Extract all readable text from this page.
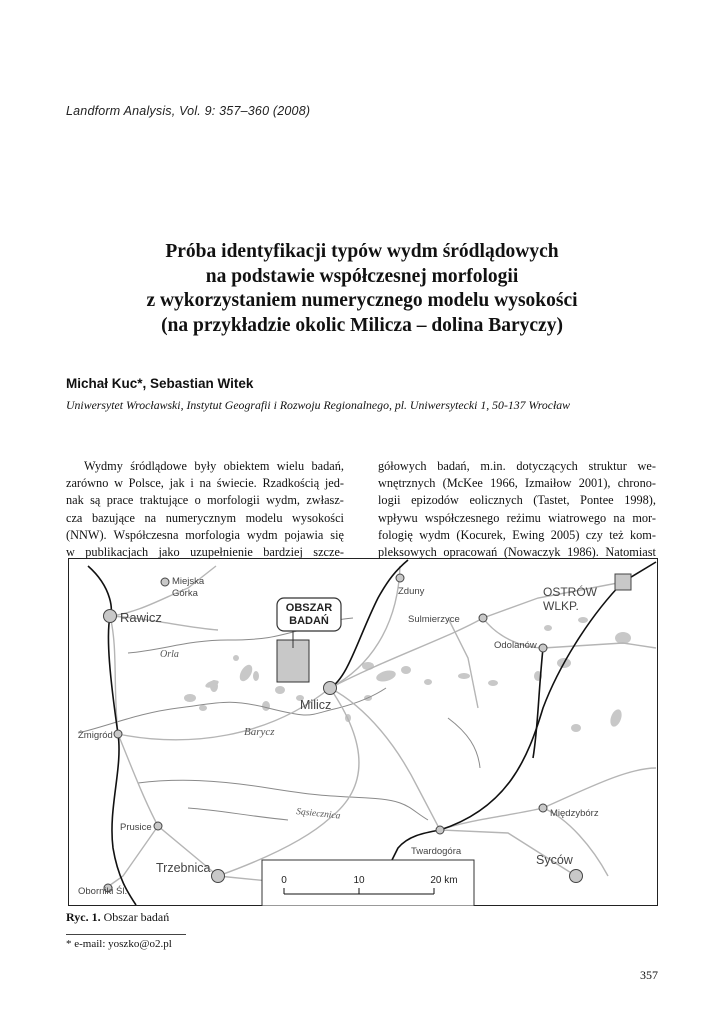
Landform Analysis, Vol. 9: 357–360 (2008)
Próba identyfikacji typów wydm śródlądowych
na podstawie współczesnej morfologii
z wykorzystaniem numerycznego modelu wysokości
(na przykładzie okolic Milicza – dolina Baryczy)
Michał Kuc*, Sebastian Witek
Uniwersytet Wrocławski, Instytut Geografii i Rozwoju Regionalnego, pl. Uniwersytecki 1, 50-137 Wrocław
Wydmy śródlądowe były obiektem wielu badań,
zarówno w Polsce, jak i na świecie. Rzadkością jed-
nak są prace traktujące o morfologii wydm, zwłasz-
cza bazujące na numerycznym modelu wysokości
(NNW). Współczesna morfologia wydm pojawia się
w publikacjach jako uzupełnienie bardziej szcze-
gółowych badań, m.in. dotyczących struktur we-
wnętrznych (McKee 1966, Izmaiłow 2001), chrono-
logii epizodów eolicznych (Tastet, Pontee 1998),
wpływu współczesnego reżimu wiatrowego na mor-
fologię wydm (Kocurek, Ewing 2005) czy też kom-
pleksowych opracowań (Nowaczyk 1986). Natomiast
OBSZAR
BADAŃ
Rawicz
Miejska
Górka	Zduny
Sulmierzyce
OSTRÓW
WLKP.
Odolanów
Milicz
Żmigród
Prusice
Trzebnica
Oborniki Śl.
Twardogóra
Międzybórz
Syców
Orla
Barycz
Sąsiecznica
0	10	20 km
Ryc. 1. Obszar badań
* e-mail: yoszko@o2.pl
357
